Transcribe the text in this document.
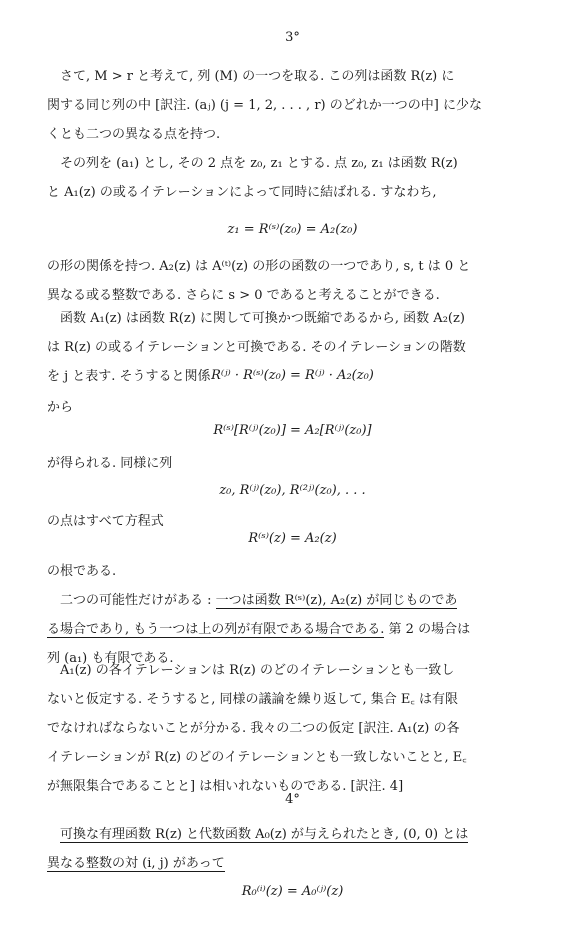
3°
さて, M > r と考えて, 列 (M) の一つを取る. この列は函数 R(z) に
関する同じ列の中 [訳注. (aⱼ) (j = 1, 2, . . . , r) のどれか一つの中] に少な
くとも二つの異なる点を持つ.
その列を (a₁) とし, その 2 点を z₀, z₁ とする. 点 z₀, z₁ は函数 R(z)
と A₁(z) の或るイテレーションによって同時に結ばれる. すなわち,
z₁ = R⁽ˢ⁾(z₀) = A₂(z₀)
の形の関係を持つ. A₂(z) は A⁽ᵗ⁾(z) の形の函数の一つであり, s, t は 0 と
異なる或る整数である. さらに s > 0 であると考えることができる.
函数 A₁(z) は函数 R(z) に関して可換かつ既縮であるから, 函数 A₂(z)
は R(z) の或るイテレーションと可換である. そのイテレーションの階数
を j と表す. そうすると関係 R⁽ʲ⁾ · R⁽ˢ⁾(z₀) = R⁽ʲ⁾ · A₂(z₀)
から
R⁽ˢ⁾[R⁽ʲ⁾(z₀)] = A₂[R⁽ʲ⁾(z₀)]
が得られる. 同様に列
z₀, R⁽ʲ⁾(z₀), R⁽²ʲ⁾(z₀), . . .
の点はすべて方程式
R⁽ˢ⁾(z) = A₂(z)
の根である.
二つの可能性だけがある : 一つは函数 R⁽ˢ⁾(z), A₂(z) が同じものであ
る場合であり, もう一つは上の列が有限である場合である. 第 2 の場合は
列 (a₁) も有限である.
A₁(z) の各イテレーションは R(z) のどのイテレーションとも一致し
ないと仮定する. そうすると, 同様の議論を繰り返して, 集合 E꜀ は有限
でなければならないことが分かる. 我々の二つの仮定 [訳注. A₁(z) の各
イテレーションが R(z) のどのイテレーションとも一致しないことと, E꜀
が無限集合であることと] は相いれないものである. [訳注. 4]
4°
可換な有理函数 R(z) と代数函数 A₀(z) が与えられたとき, (0, 0) とは
異なる整数の対 (i, j) があって
R₀⁽ⁱ⁾(z) = A₀⁽ʲ⁾(z)
